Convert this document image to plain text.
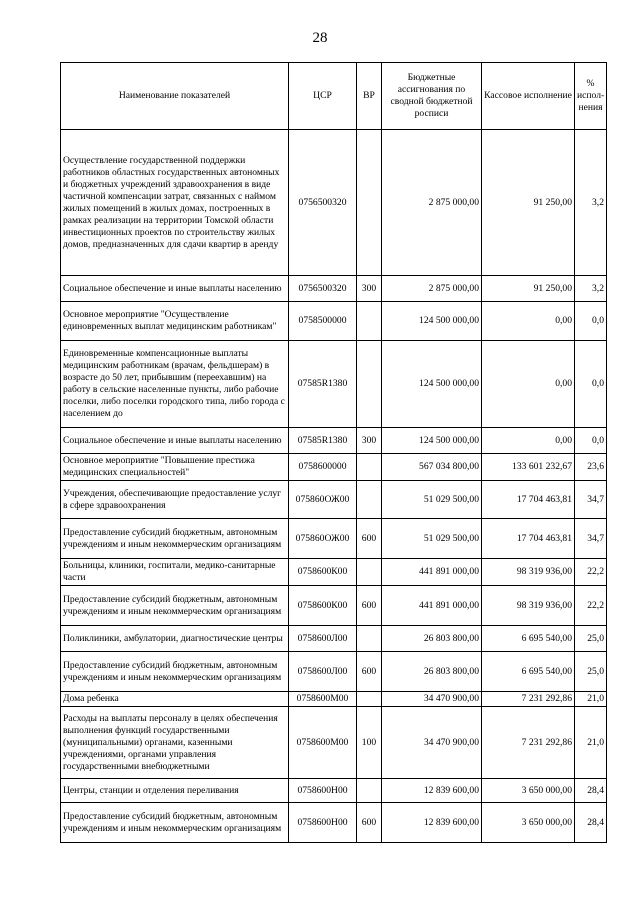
28
Наименование показателей	ЦСР	ВР	Бюджетные ассигнования по сводной бюджетной росписи	Кассовое исполнение	% испол-нения
Осуществление государственной поддержки работников областных государственных автономных и бюджетных учреждений здравоохранения в виде частичной компенсации затрат, связанных с наймом жилых помещений в жилых домах, построенных в рамках реализации на территории Томской области инвестиционных проектов по строительству жилых домов, предназначенных для сдачи квартир в аренду	0756500320		2 875 000,00	91 250,00	3,2
Социальное обеспечение и иные выплаты населению	0756500320	300	2 875 000,00	91 250,00	3,2
Основное мероприятие "Осуществление единовременных выплат медицинским работникам"	0758500000		124 500 000,00	0,00	0,0
Единовременные компенсационные выплаты медицинским работникам (врачам, фельдшерам) в возрасте до 50 лет, прибывшим (переехавшим) на работу в сельские населенные пункты, либо рабочие поселки, либо поселки городского типа, либо города с населением до	07585R1380		124 500 000,00	0,00	0,0
Социальное обеспечение и иные выплаты населению	07585R1380	300	124 500 000,00	0,00	0,0
Основное мероприятие "Повышение престижа медицинских специальностей"	0758600000		567 034 800,00	133 601 232,67	23,6
Учреждения, обеспечивающие предоставление услуг в сфере здравоохранения	075860ОЖ00		51 029 500,00	17 704 463,81	34,7
Предоставление субсидий бюджетным, автономным учреждениям и иным некоммерческим организациям	075860ОЖ00	600	51 029 500,00	17 704 463,81	34,7
Больницы, клиники, госпитали, медико-санитарные части	0758600К00		441 891 000,00	98 319 936,00	22,2
Предоставление субсидий бюджетным, автономным учреждениям и иным некоммерческим организациям	0758600К00	600	441 891 000,00	98 319 936,00	22,2
Поликлиники, амбулатории, диагностические центры	0758600Л00		26 803 800,00	6 695 540,00	25,0
Предоставление субсидий бюджетным, автономным учреждениям и иным некоммерческим организациям	0758600Л00	600	26 803 800,00	6 695 540,00	25,0
Дома ребенка	0758600М00		34 470 900,00	7 231 292,86	21,0
Расходы на выплаты персоналу в целях обеспечения выполнения функций государственными (муниципальными) органами, казенными учреждениями, органами управления государственными внебюджетными	0758600М00	100	34 470 900,00	7 231 292,86	21,0
Центры, станции и отделения переливания	0758600Н00		12 839 600,00	3 650 000,00	28,4
Предоставление субсидий бюджетным, автономным учреждениям и иным некоммерческим организациям	0758600Н00	600	12 839 600,00	3 650 000,00	28,4
